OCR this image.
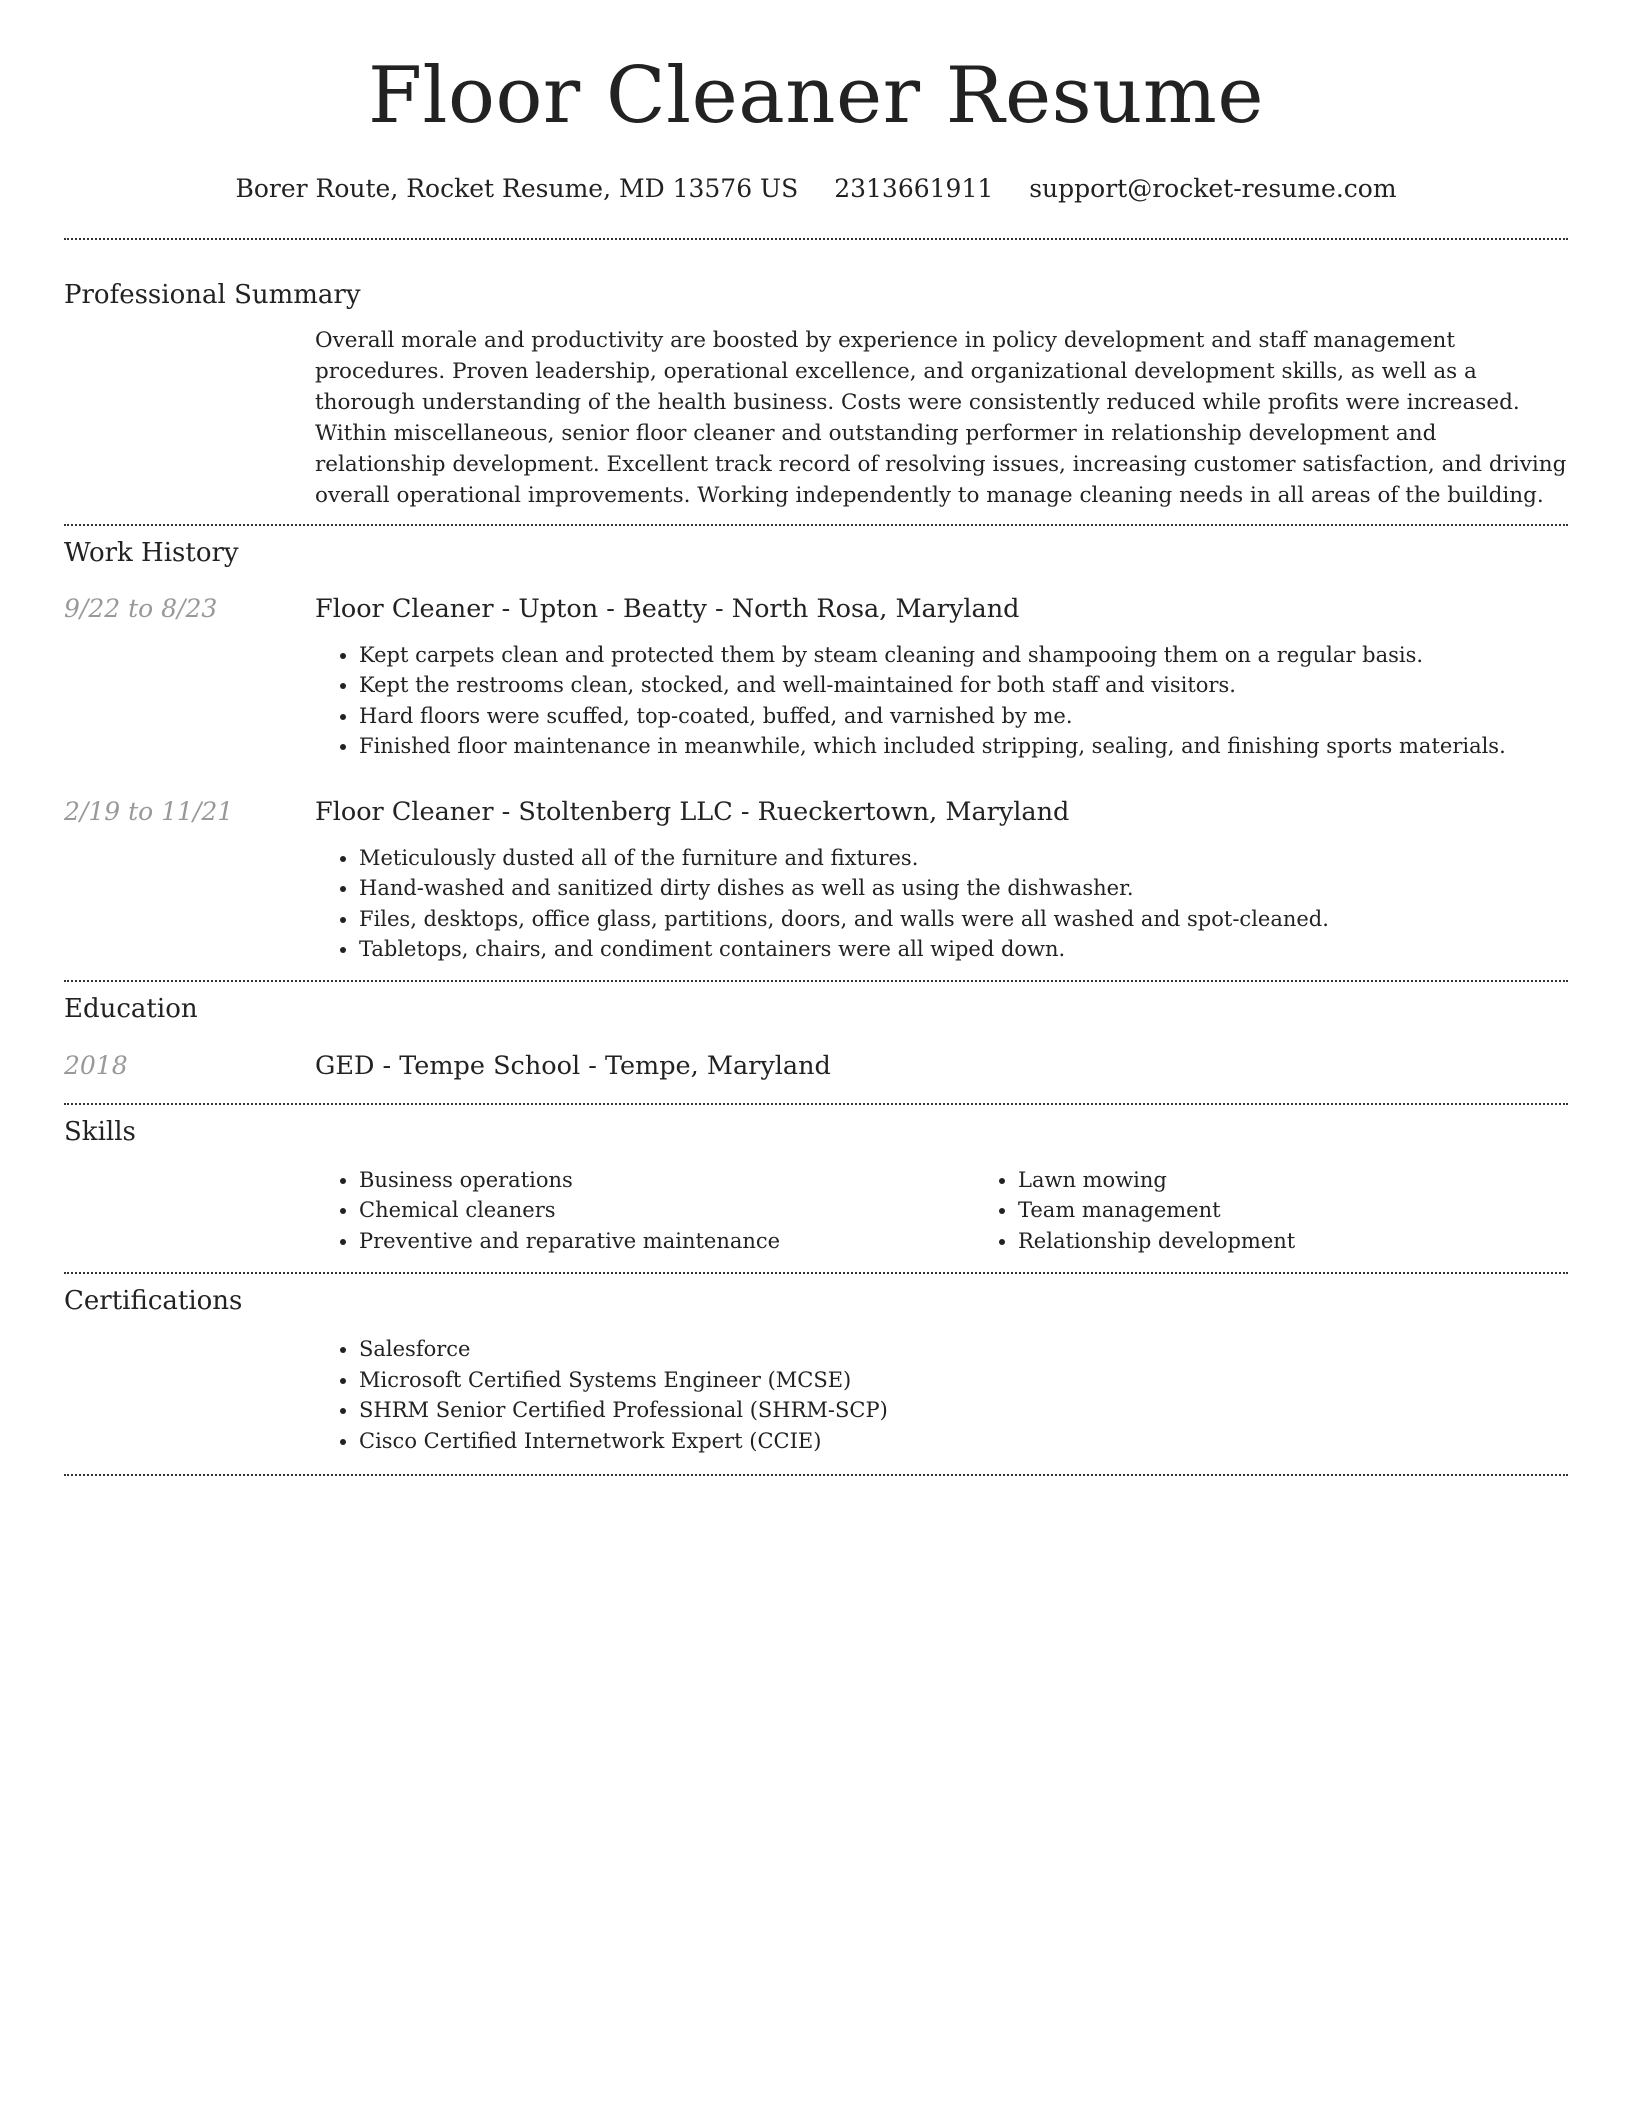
Floor Cleaner Resume
Borer Route, Rocket Resume, MD 13576 US 2313661911 support@rocket-resume.com
Professional Summary

Overall morale and productivity are boosted by experience in policy development and staff management procedures. Proven leadership, operational excellence, and organizational development skills, as well as a thorough understanding of the health business. Costs were consistently reduced while profits were increased. Within miscellaneous, senior floor cleaner and outstanding performer in relationship development and relationship development. Excellent track record of resolving issues, increasing customer satisfaction, and driving overall operational improvements. Working independently to manage cleaning needs in all areas of the building.

Work History
9/22 to 8/23	Floor Cleaner - Upton - Beatty - North Rosa, Maryland
• Kept carpets clean and protected them by steam cleaning and shampooing them on a regular basis.
• Kept the restrooms clean, stocked, and well-maintained for both staff and visitors.
• Hard floors were scuffed, top-coated, buffed, and varnished by me.
• Finished floor maintenance in meanwhile, which included stripping, sealing, and finishing sports materials.
2/19 to 11/21	Floor Cleaner - Stoltenberg LLC - Rueckertown, Maryland
• Meticulously dusted all of the furniture and fixtures.
• Hand-washed and sanitized dirty dishes as well as using the dishwasher.
• Files, desktops, office glass, partitions, doors, and walls were all washed and spot-cleaned.
• Tabletops, chairs, and condiment containers were all wiped down.
Education
2018	GED - Tempe School - Tempe, Maryland
Skills
• Business operations
• Chemical cleaners
• Preventive and reparative maintenance
• Lawn mowing
• Team management
• Relationship development
Certifications
• Salesforce
• Microsoft Certified Systems Engineer (MCSE)
• SHRM Senior Certified Professional (SHRM-SCP)
• Cisco Certified Internetwork Expert (CCIE)
